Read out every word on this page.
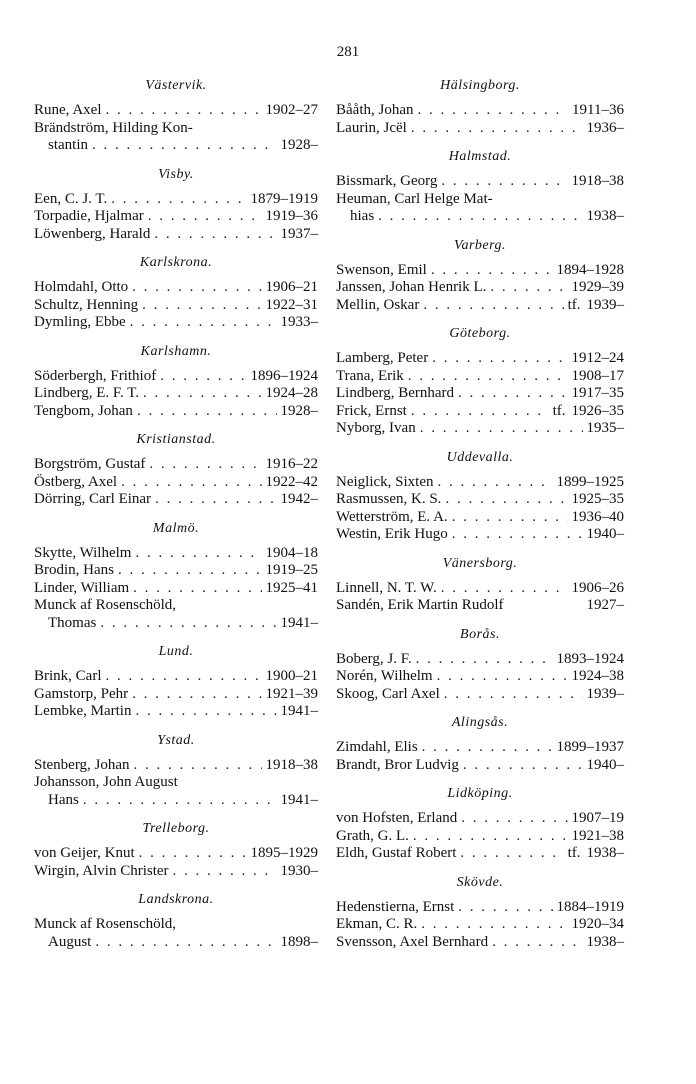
281
Västervik.
Rune, Axel . . .	1902–27
Brändström, Hilding Kon-
stantin . . .	1928–
Visby.
Een, C. J. T. . . .	1879–1919
Torpadie, Hjalmar . . .	1919–36
Löwenberg, Harald . . .	1937–
Karlskrona.
Holmdahl, Otto . . .	1906–21
Schultz, Henning . . .	1922–31
Dymling, Ebbe . . .	1933–
Karlshamn.
Söderbergh, Frithiof . . .	1896–1924
Lindberg, E. F. T. . . .	1924–28
Tengbom, Johan . . .	1928–
Kristianstad.
Borgström, Gustaf . . .	1916–22
Östberg, Axel . . .	1922–42
Dörring, Carl Einar . . .	1942–
Malmö.
Skytte, Wilhelm . . .	1904–18
Brodin, Hans . . .	1919–25
Linder, William . . .	1925–41
Munck af Rosenschöld,
Thomas . . .	1941–
Lund.
Brink, Carl . . .	1900–21
Gamstorp, Pehr . . .	1921–39
Lembke, Martin . . .	1941–
Ystad.
Stenberg, Johan . . .	1918–38
Johansson, John August
Hans . . .	1941–
Trelleborg.
von Geijer, Knut . . .	1895–1929
Wirgin, Alvin Christer . . .	1930–
Landskrona.
Munck af Rosenschöld,
August . . .	1898–
Hälsingborg.
Bååth, Johan . . .	1911–36
Laurin, Jcël . . .	1936–
Halmstad.
Bissmark, Georg . . .	1918–38
Heuman, Carl Helge Mat-
hias . . .	1938–
Varberg.
Swenson, Emil . . .	1894–1928
Janssen, Johan Henrik L. . . .	1929–39
Mellin, Oskar . . .	tf. 1939–
Göteborg.
Lamberg, Peter . . .	1912–24
Trana, Erik . . .	1908–17
Lindberg, Bernhard . . .	1917–35
Frick, Ernst . . .	tf. 1926–35
Nyborg, Ivan . . .	1935–
Uddevalla.
Neiglick, Sixten . . .	1899–1925
Rasmussen, K. S. . . .	1925–35
Wetterström, E. A. . . .	1936–40
Westin, Erik Hugo . . .	1940–
Vänersborg.
Linnell, N. T. W. . . .	1906–26
Sandén, Erik Martin Rudolf	1927–
Borås.
Boberg, J. F. . . .	1893–1924
Norén, Wilhelm . . .	1924–38
Skoog, Carl Axel . . .	1939–
Alingsås.
Zimdahl, Elis . . .	1899–1937
Brandt, Bror Ludvig . . .	1940–
Lidköping.
von Hofsten, Erland . . .	1907–19
Grath, G. L. . . .	1921–38
Eldh, Gustaf Robert . . .	tf. 1938–
Skövde.
Hedenstierna, Ernst . . .	1884–1919
Ekman, C. R. . . .	1920–34
Svensson, Axel Bernhard . . .	1938–
